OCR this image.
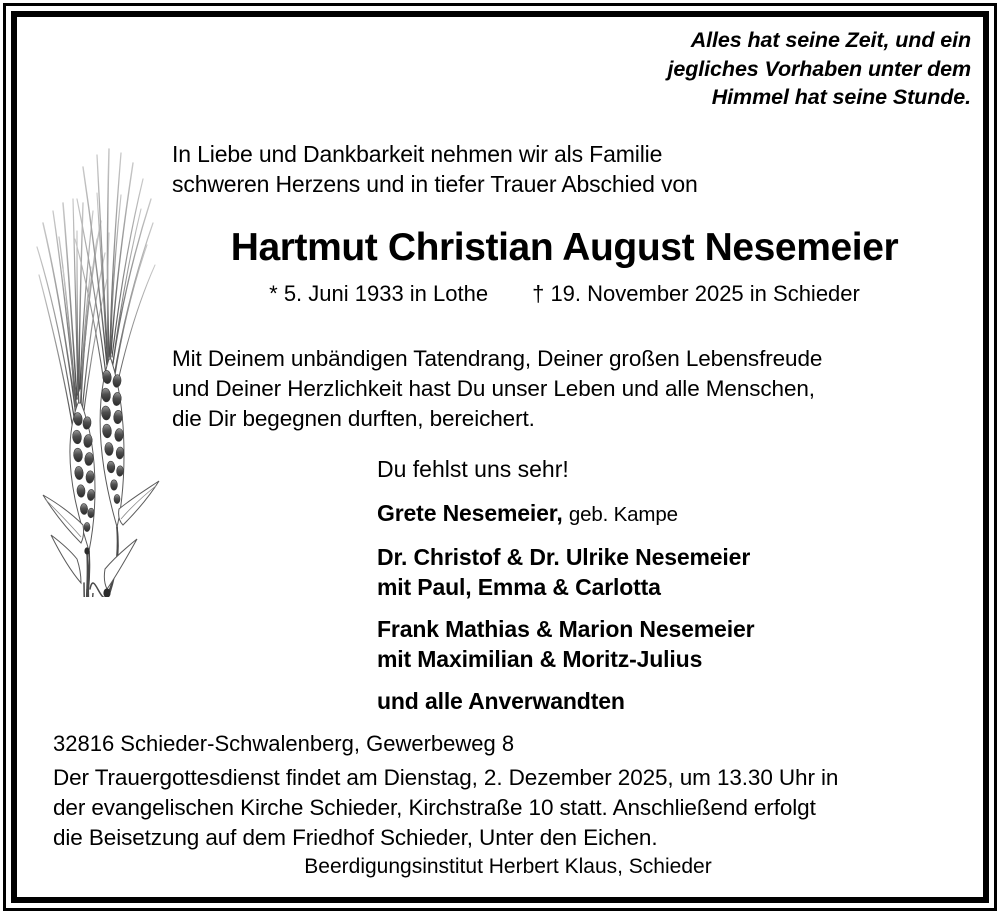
Alles hat seine Zeit, und ein
jegliches Vorhaben unter dem
Himmel hat seine Stunde.
In Liebe und Dankbarkeit nehmen wir als Familie
schweren Herzens und in tiefer Trauer Abschied von
Hartmut Christian August Nesemeier
* 5. Juni 1933 in Lothe † 19. November 2025 in Schieder
Mit Deinem unbändigen Tatendrang, Deiner großen Lebensfreude
und Deiner Herzlichkeit hast Du unser Leben und alle Menschen,
die Dir begegnen durften, bereichert.
Du fehlst uns sehr!
Grete Nesemeier, geb. Kampe
Dr. Christof & Dr. Ulrike Nesemeier
mit Paul, Emma & Carlotta
Frank Mathias & Marion Nesemeier
mit Maximilian & Moritz-Julius
und alle Anverwandten
32816 Schieder-Schwalenberg, Gewerbeweg 8
Der Trauergottesdienst findet am Dienstag, 2. Dezember 2025, um 13.30 Uhr in
der evangelischen Kirche Schieder, Kirchstraße 10 statt. Anschließend erfolgt
die Beisetzung auf dem Friedhof Schieder, Unter den Eichen.
Beerdigungsinstitut Herbert Klaus, Schieder
